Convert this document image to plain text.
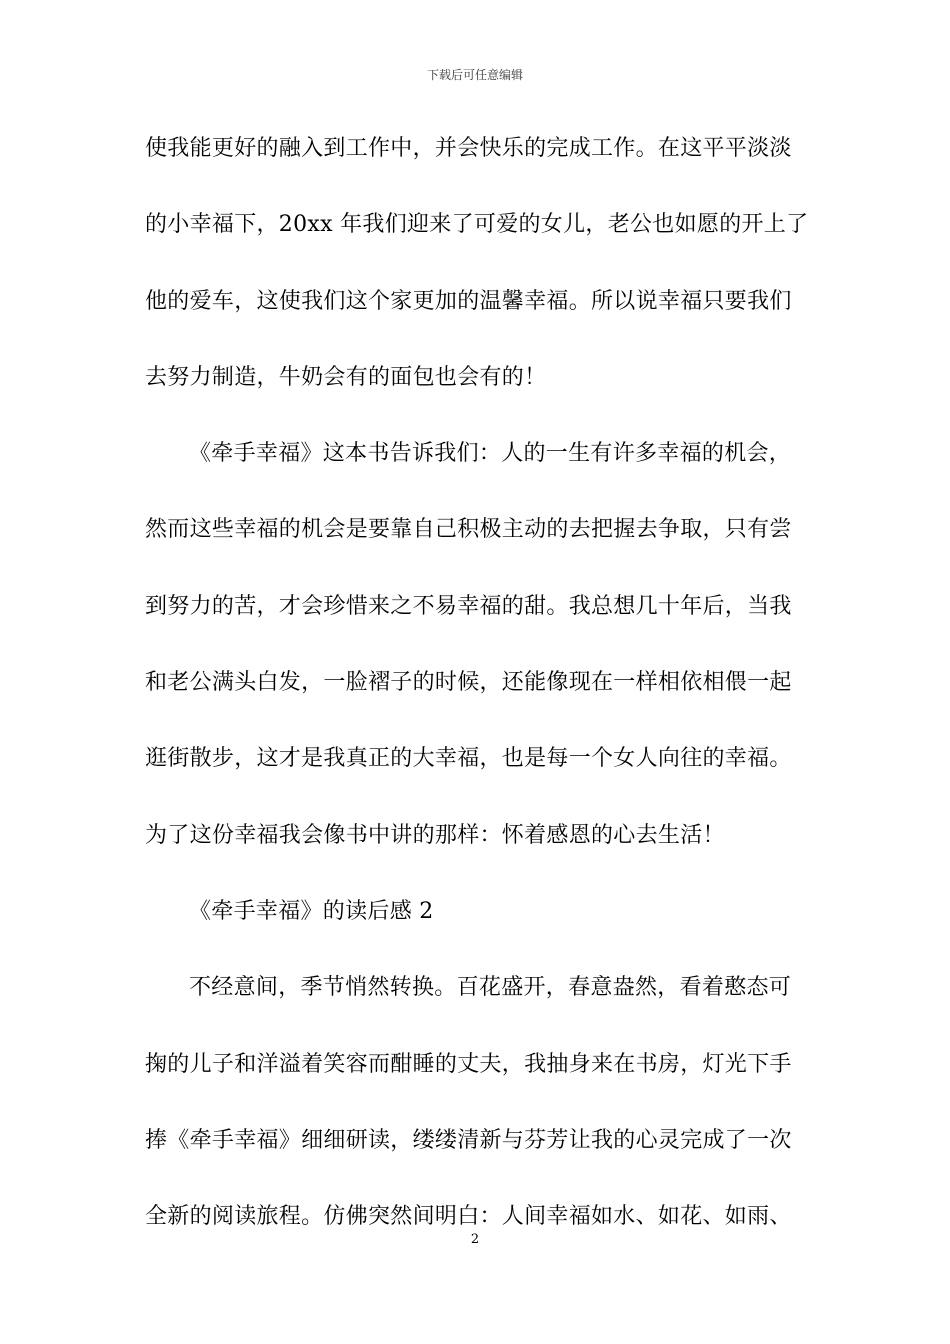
下载后可任意编辑
使我能更好的融入到工作中，并会快乐的完成工作。在这平平淡淡
的小幸福下，20xx 年我们迎来了可爱的女儿，老公也如愿的开上了
他的爱车，这使我们这个家更加的温馨幸福。所以说幸福只要我们
去努力制造，牛奶会有的面包也会有的！
《牵手幸福》这本书告诉我们：人的一生有许多幸福的机会，
然而这些幸福的机会是要靠自己积极主动的去把握去争取，只有尝
到努力的苦，才会珍惜来之不易幸福的甜。我总想几十年后，当我
和老公满头白发，一脸褶子的时候，还能像现在一样相依相偎一起
逛街散步，这才是我真正的大幸福，也是每一个女人向往的幸福。
为了这份幸福我会像书中讲的那样：怀着感恩的心去生活！
《牵手幸福》的读后感 2
不经意间，季节悄然转换。百花盛开，春意盎然，看着憨态可
掬的儿子和洋溢着笑容而酣睡的丈夫，我抽身来在书房，灯光下手
捧《牵手幸福》细细研读，缕缕清新与芬芳让我的心灵完成了一次
全新的阅读旅程。仿佛突然间明白：人间幸福如水、如花、如雨、
2
